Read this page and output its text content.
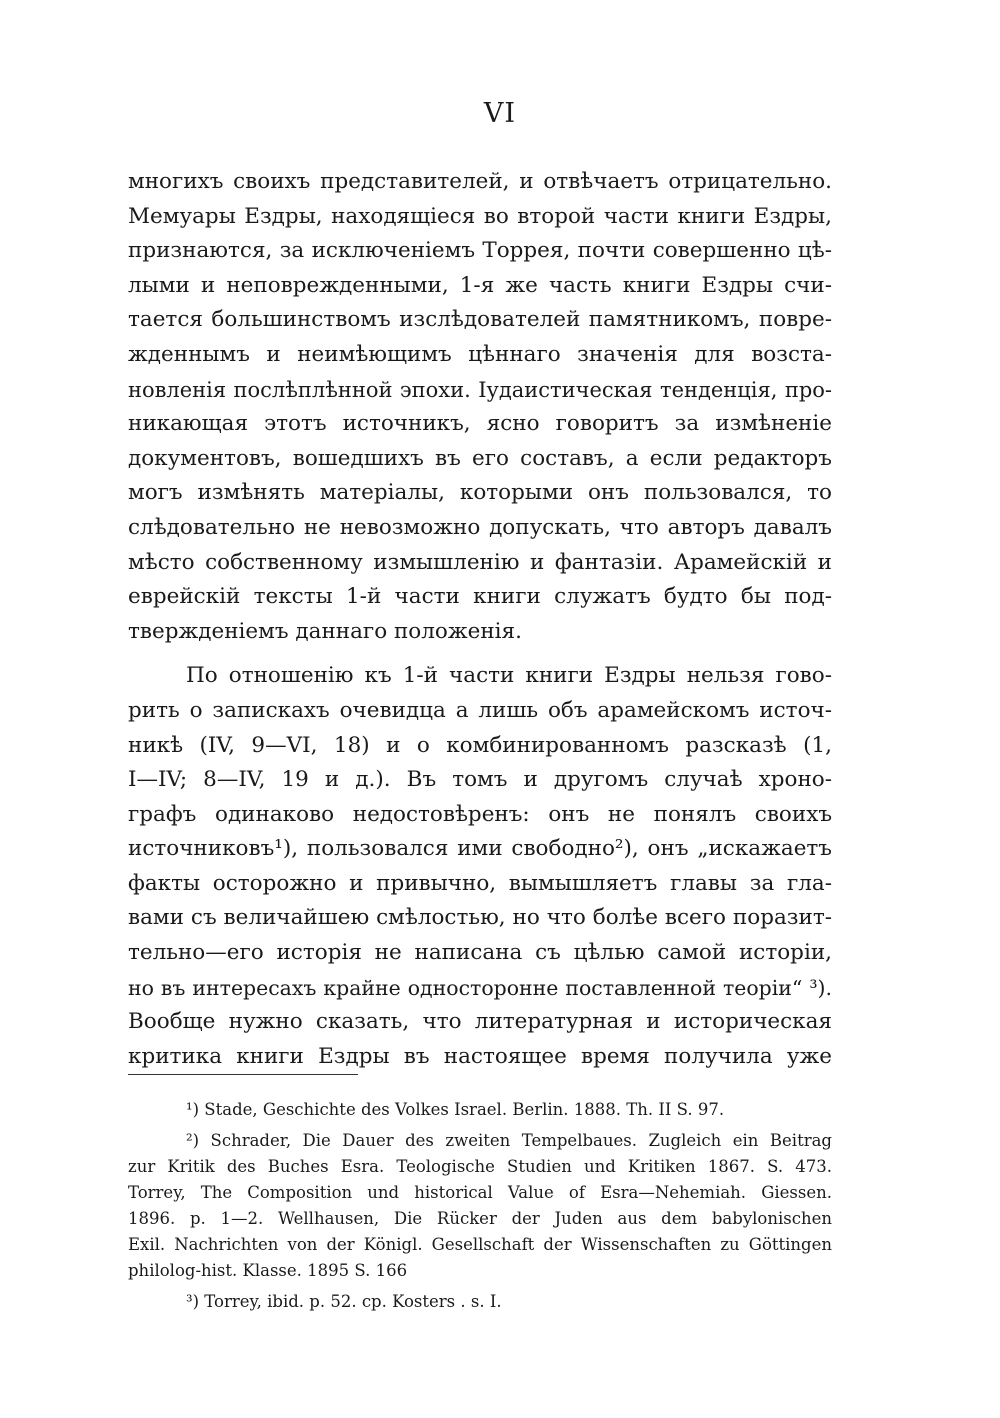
VI
многихъ своихъ представителей, и отвѣчаетъ отрицательно.
Мемуары Ездры, находящіеся во второй части книги Ездры,
признаются, за исключеніемъ Торрея, почти совершенно цѣ-
лыми и неповрежденными, 1-я же часть книги Ездры счи-
тается большинствомъ изслѣдователей памятникомъ, повре-
жденнымъ и неимѣющимъ цѣннаго значенія для возста-
новленія послѣплѣнной эпохи. Іудаистическая тенденція, про-
никающая этотъ источникъ, ясно говоритъ за измѣненіе
документовъ, вошедшихъ въ его составъ, а если редакторъ
могъ измѣнять матеріалы, которыми онъ пользовался, то
слѣдовательно не невозможно допускать, что авторъ давалъ
мѣсто собственному измышленію и фантазіи. Арамейскій и
еврейскій тексты 1-й части книги служатъ будто бы под-
твержденіемъ даннаго положенія.
По отношенію къ 1-й части книги Ездры нельзя гово-
рить о запискахъ очевидца а лишь объ арамейскомъ источ-
никѣ (IV, 9—VI, 18) и о комбинированномъ разсказѣ (1,
I—IV; 8—IV, 19 и д.). Въ томъ и другомъ случаѣ хроно-
графъ одинаково недостовѣренъ: онъ не понялъ своихъ
источниковъ¹), пользовался ими свободно²), онъ „искажаетъ
факты осторожно и привычно, вымышляетъ главы за гла-
вами съ величайшею смѣлостью, но что болѣе всего поразит-
тельно—его исторія не написана съ цѣлью самой исторіи,
но въ интересахъ крайне односторонне поставленной теоріи“ ³).
Вообще нужно сказать, что литературная и историческая
критика книги Ездры въ настоящее время получила уже
¹) Stade, Geschichte des Volkes Israel. Berlin. 1888. Th. II S. 97.
²) Schrader, Die Dauer des zweiten Tempelbaues. Zugleich ein Beitrag
zur Kritik des Buches Esra. Teologische Studien und Kritiken 1867. S. 473.
Torrey, The Composition und historical Value of Esra—Nehemiah. Giessen.
1896. p. 1—2. Wellhausen, Die Rücker der Juden aus dem babylonischen
Exil. Nachrichten von der Königl. Gesellschaft der Wissenschaften zu Göttingen
philolog-hist. Klasse. 1895 S. 166
³) Torrey, ibid. p. 52. cp. Kosters . s. I.
